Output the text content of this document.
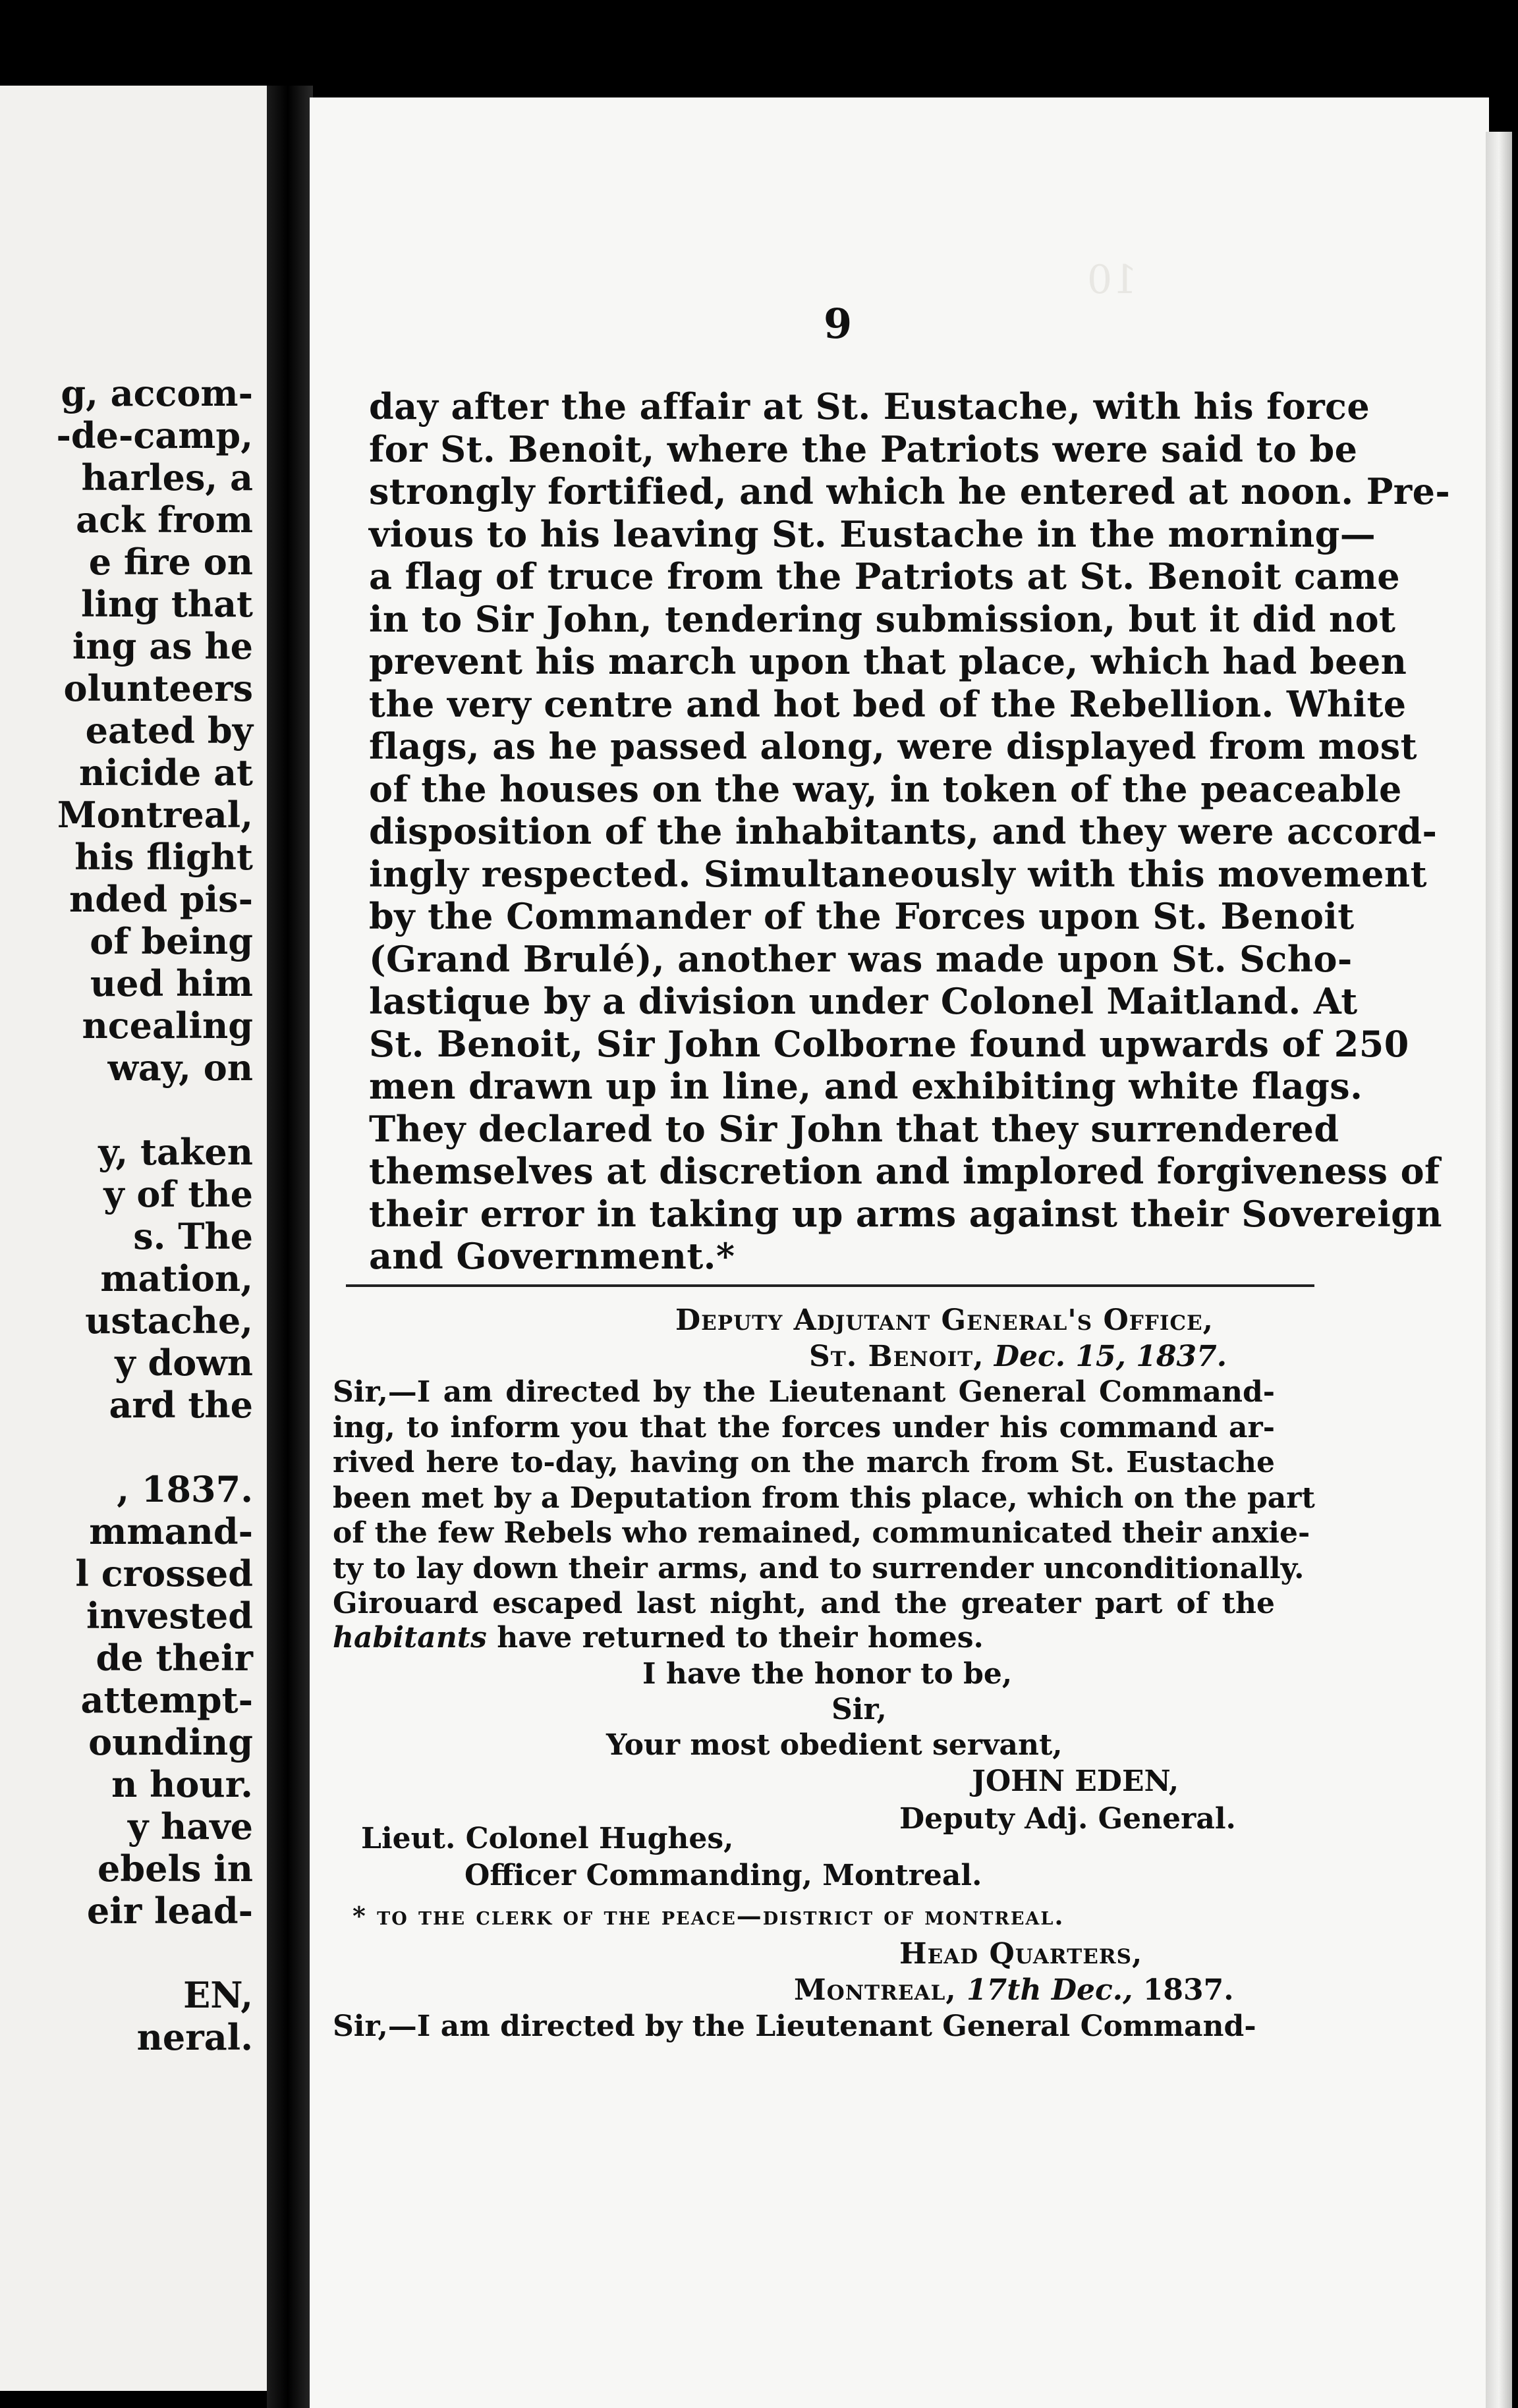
g, accom-
-de-camp,
harles, a
ack from
e fire on
ling that
ing as he
olunteers
eated by
nicide at
Montreal,
his flight
nded pis-
of being
ued him
ncealing
way, on
y, taken
y of the
s. The
mation,
ustache,
y down
ard the
, 1837.
mmand-
l crossed
invested
de their
attempt-
ounding
n hour.
y have
ebels in
eir lead-
EN,
neral.
10
9
day after the affair at St. Eustache, with his force
for St. Benoit, where the Patriots were said to be
strongly fortified, and which he entered at noon. Pre-
vious to his leaving St. Eustache in the morning—
a flag of truce from the Patriots at St. Benoit came
in to Sir John, tendering submission, but it did not
prevent his march upon that place, which had been
the very centre and hot bed of the Rebellion. White
flags, as he passed along, were displayed from most
of the houses on the way, in token of the peaceable
disposition of the inhabitants, and they were accord-
ingly respected. Simultaneously with this movement
by the Commander of the Forces upon St. Benoit
(Grand Brulé), another was made upon St. Scho-
lastique by a division under Colonel Maitland. At
St. Benoit, Sir John Colborne found upwards of 250
men drawn up in line, and exhibiting white flags.
They declared to Sir John that they surrendered
themselves at discretion and implored forgiveness of
their error in taking up arms against their Sovereign
and Government.*
Deputy Adjutant General's Office,
St. Benoit, Dec. 15, 1837.
Sir,—I am directed by the Lieutenant General Command-
ing, to inform you that the forces under his command ar-
rived here to-day, having on the march from St. Eustache
been met by a Deputation from this place, which on the part
of the few Rebels who remained, communicated their anxie-
ty to lay down their arms, and to surrender unconditionally.
Girouard escaped last night, and the greater part of the
habitants have returned to their homes.
I have the honor to be,
Sir,
Your most obedient servant,
JOHN EDEN,
Deputy Adj. General.
Lieut. Colonel Hughes,
Officer Commanding, Montreal.
* to the clerk of the peace—district of montreal.
Head Quarters,
Montreal, 17th Dec., 1837.
Sir,—I am directed by the Lieutenant General Command-
